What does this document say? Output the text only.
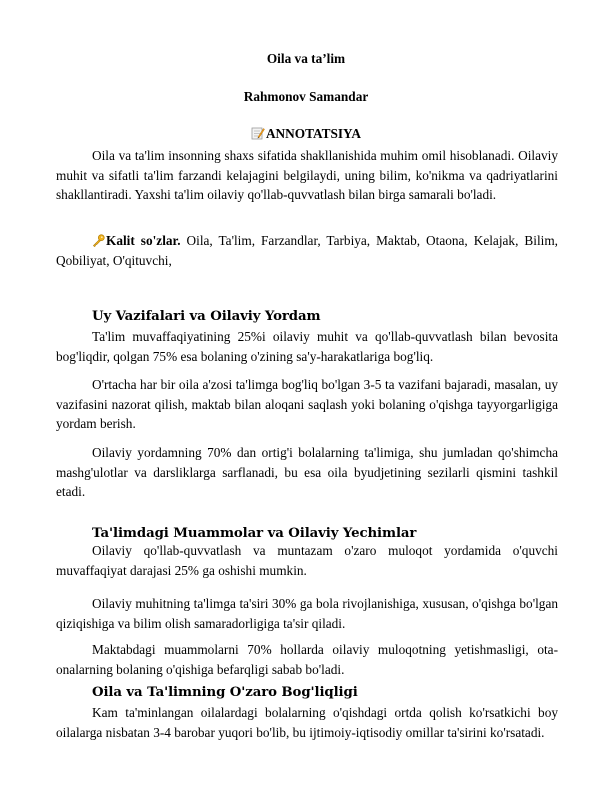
Oila va ta’lim
Rahmonov Samandar
ANNOTATSIYA

Oila va ta'lim insonning shaxs sifatida shakllanishida muhim omil hisoblanadi. Oilaviy muhit va sifatli ta'lim farzandi kelajagini belgilaydi, uning bilim, ko'nikma va qadriyatlarini shakllantiradi. Yaxshi ta'lim oilaviy qo'llab-quvvatlash bilan birga samarali bo'ladi.

Kalit so'zlar. Oila, Ta'lim, Farzandlar, Tarbiya, Maktab, Otaona, Kelajak, Bilim, Qobiliyat, O'qituvchi,

Uy Vazifalari va Oilaviy Yordam

Ta'lim muvaffaqiyatining 25%i oilaviy muhit va qo'llab-quvvatlash bilan bevosita bog'liqdir, qolgan 75% esa bolaning o'zining sa'y-harakatlariga bog'liq.

O'rtacha har bir oila a'zosi ta'limga bog'liq bo'lgan 3-5 ta vazifani bajaradi, masalan, uy vazifasini nazorat qilish, maktab bilan aloqani saqlash yoki bolaning o'qishga tayyorgarligiga yordam berish.

Oilaviy yordamning 70% dan ortig'i bolalarning ta'limiga, shu jumladan qo'shimcha mashg'ulotlar va darsliklarga sarflanadi, bu esa oila byudjetining sezilarli qismini tashkil etadi.

Ta'limdagi Muammolar va Oilaviy Yechimlar

Oilaviy qo'llab-quvvatlash va muntazam o'zaro muloqot yordamida o'quvchi muvaffaqiyat darajasi 25% ga oshishi mumkin.

Oilaviy muhitning ta'limga ta'siri 30% ga bola rivojlanishiga, xususan, o'qishga bo'lgan qiziqishiga va bilim olish samaradorligiga ta'sir qiladi.

Maktabdagi muammolarni 70% hollarda oilaviy muloqotning yetishmasligi, ota-onalarning bolaning o'qishiga befarqligi sabab bo'ladi.

Oila va Ta'limning O'zaro Bog'liqligi

Kam ta'minlangan oilalardagi bolalarning o'qishdagi ortda qolish ko'rsatkichi boy oilalarga nisbatan 3-4 barobar yuqori bo'lib, bu ijtimoiy-iqtisodiy omillar ta'sirini ko'rsatadi.
